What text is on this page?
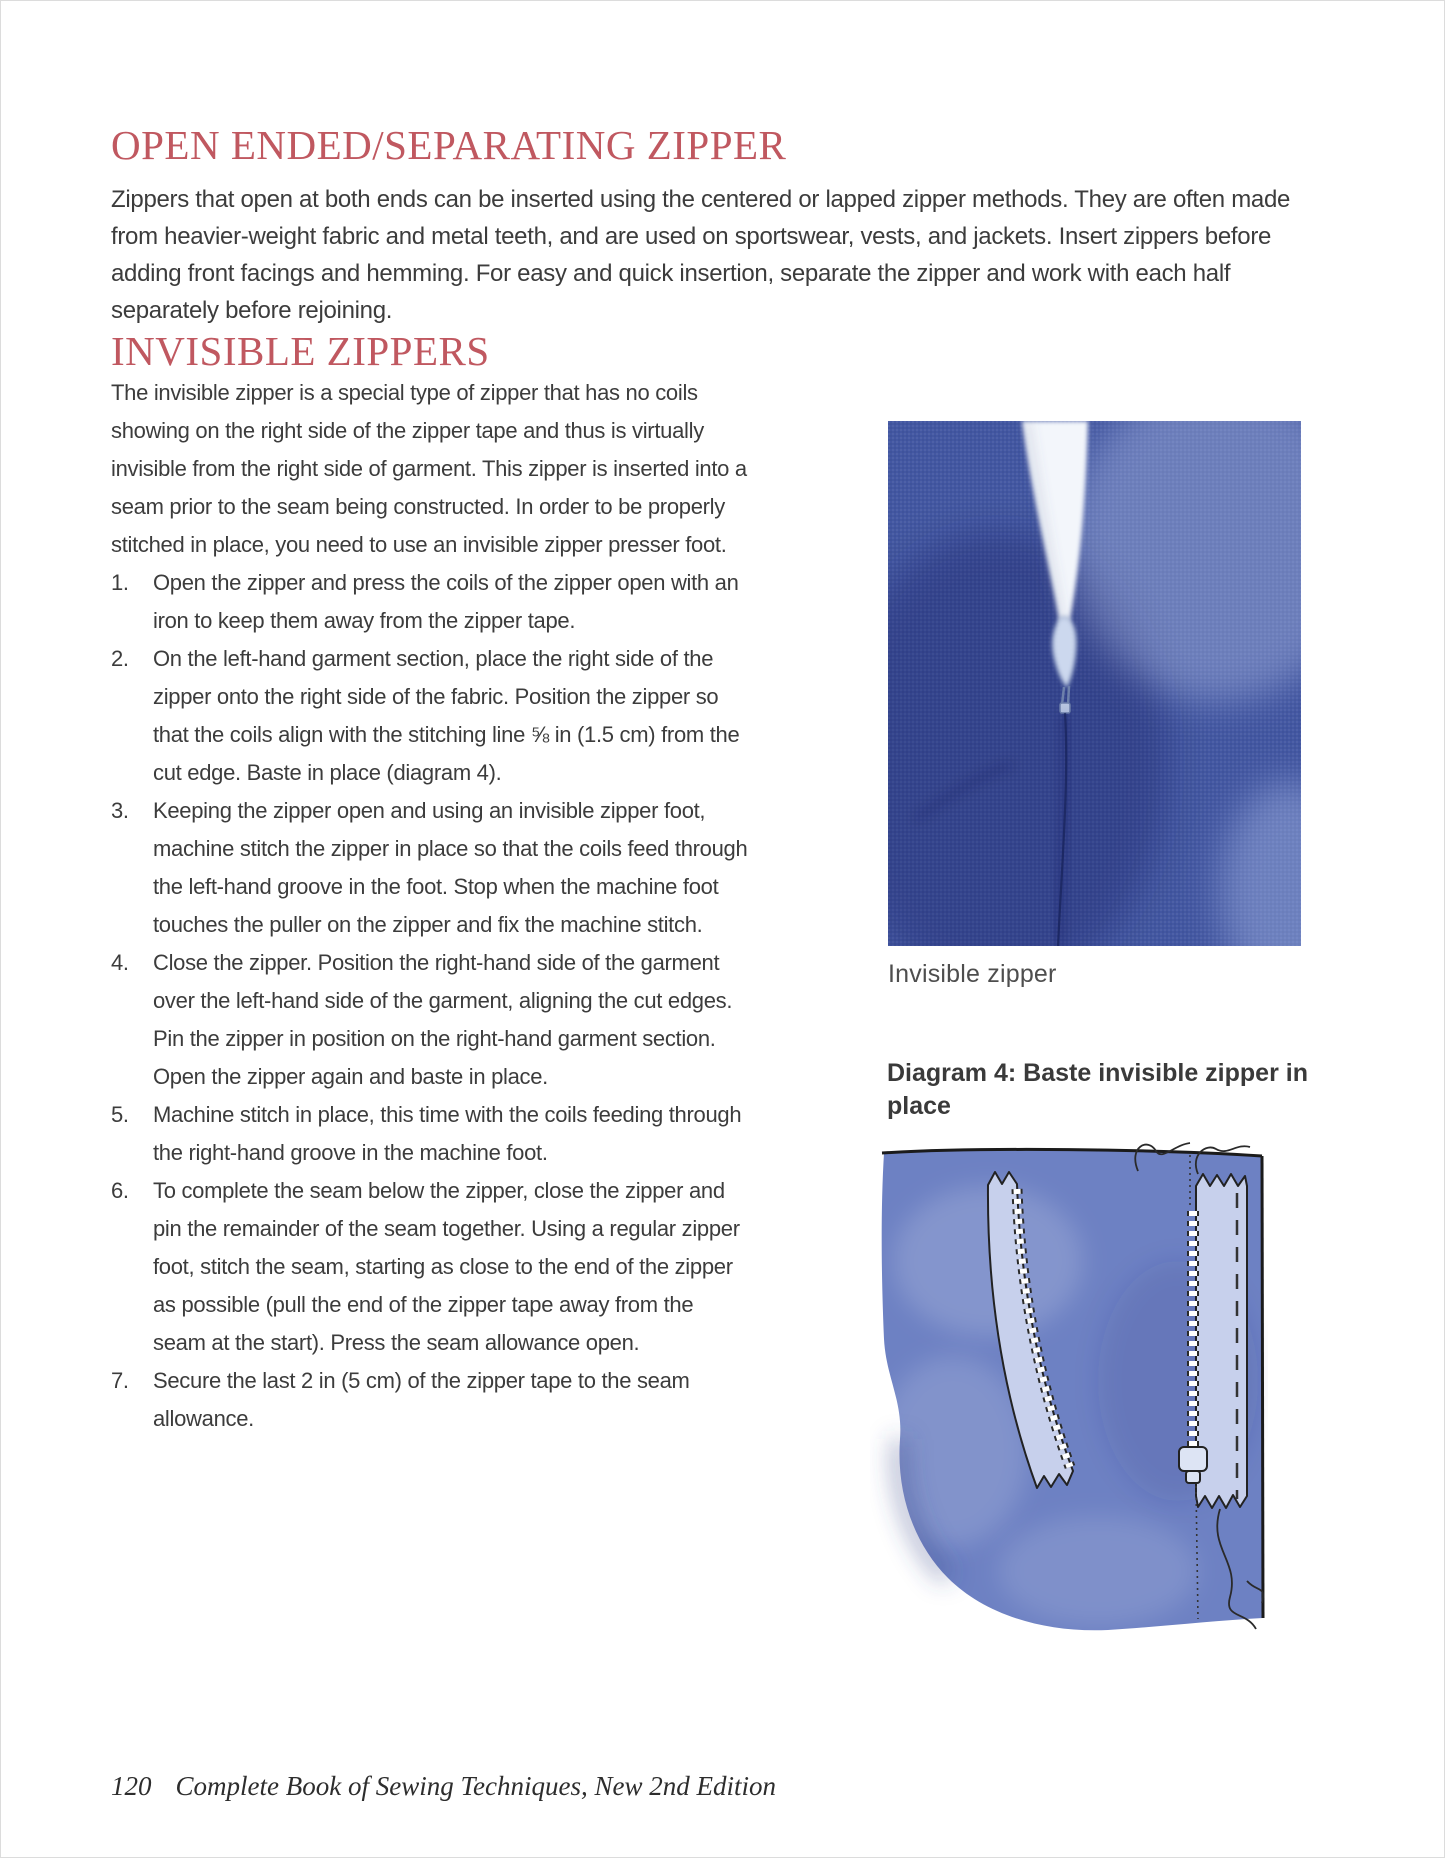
OPEN ENDED/SEPARATING ZIPPER

Zippers that open at both ends can be inserted using the centered or lapped zipper methods. They are often made from heavier-weight fabric and metal teeth, and are used on sportswear, vests, and jackets. Insert zippers before adding front facings and hemming. For easy and quick insertion, separate the zipper and work with each half separately before rejoining.

INVISIBLE ZIPPERS

The invisible zipper is a special type of zipper that has no coils showing on the right side of the zipper tape and thus is virtually invisible from the right side of garment. This zipper is inserted into a seam prior to the seam being constructed. In order to be properly stitched in place, you need to use an invisible zipper presser foot.

1. Open the zipper and press the coils of the zipper open with an iron to keep them away from the zipper tape.
2. On the left-hand garment section, place the right side of the zipper onto the right side of the fabric. Position the zipper so that the coils align with the stitching line ⅝ in (1.5 cm) from the cut edge. Baste in place (diagram 4).
3. Keeping the zipper open and using an invisible zipper foot, machine stitch the zipper in place so that the coils feed through the left-hand groove in the foot. Stop when the machine foot touches the puller on the zipper and fix the machine stitch.
4. Close the zipper. Position the right-hand side of the garment over the left-hand side of the garment, aligning the cut edges. Pin the zipper in position on the right-hand garment section. Open the zipper again and baste in place.
5. Machine stitch in place, this time with the coils feeding through the right-hand groove in the machine foot.
6. To complete the seam below the zipper, close the zipper and pin the remainder of the seam together. Using a regular zipper foot, stitch the seam, starting as close to the end of the zipper as possible (pull the end of the zipper tape away from the seam at the start). Press the seam allowance open.
7. Secure the last 2 in (5 cm) of the zipper tape to the seam allowance.
Invisible zipper
Diagram 4: Baste invisible zipper in place
120 Complete Book of Sewing Techniques, New 2nd Edition
